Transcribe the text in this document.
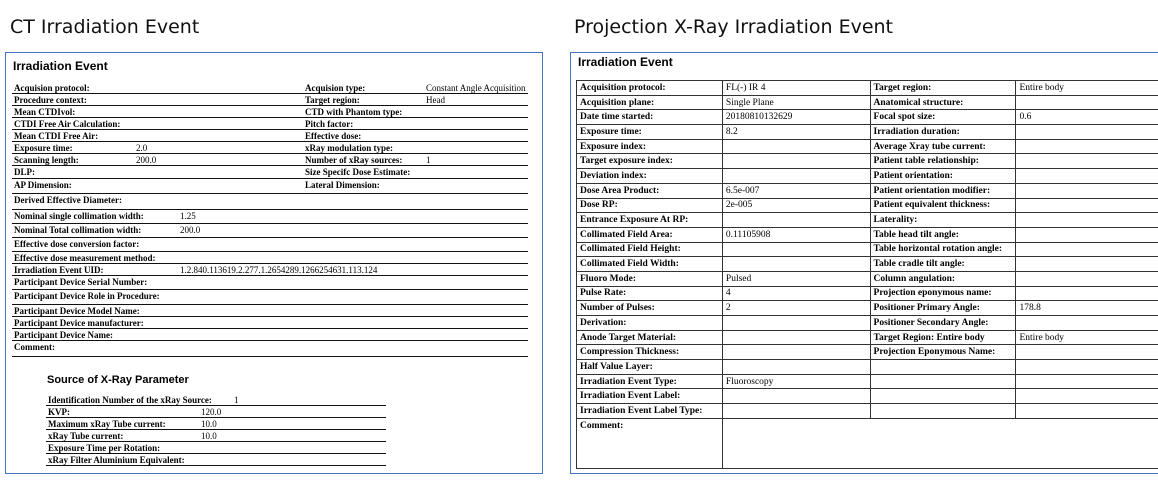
CT Irradiation Event	Projection X-Ray Irradiation Event
Irradiation Event
Acquision protocol:	Acquision type:	Constant Angle Acquisition
Procedure context:	Target region:	Head
Mean CTDIvol:	CTD with Phantom type:
CTDI Free Air Calculation:	Pitch factor:
Mean CTDI Free Air:	Effective dose:
Exposure time:	2.0	xRay modulation type:
Scanning length:	200.0	Number of xRay sources:	1
DLP:	Size Specifc Dose Estimate:
AP Dimension:	Lateral Dimension:
Derived Effective Diameter:
Nominal single collimation width:	1.25
Nominal Total collimation width:	200.0
Effective dose conversion factor:
Effective dose measurement method:
Irradiation Event UID:	1.2.840.113619.2.277.1.2654289.1266254631.113.124
Participant Device Serial Number:
Participant Device Role in Procedure:
Participant Device Model Name:
Participant Device manufacturer:
Participant Device Name:
Comment:
Source of X-Ray Parameter
Identification Number of the xRay Source: 1
KVP:	120.0
Maximum xRay Tube current:	10.0
xRay Tube current:	10.0
Exposure Time per Rotation:
xRay Filter Aluminium Equivalent:
Irradiation Event
Acquisition protocol:	FL(-) IR 4	Target region:	Entire body
Acquisition plane:	Single Plane	Anatomical structure:	
Date time started:	20180810132629	Focal spot size:	0.6
Exposure time:	8.2	Irradiation duration:	
Exposure index:		Average Xray tube current:	
Target exposure index:		Patient table relationship:	
Deviation index:		Patient orientation:	
Dose Area Product:	6.5e-007	Patient orientation modifier:	
Dose RP:	2e-005	Patient equivalent thickness:	
Entrance Exposure At RP:		Laterality:	
Collimated Field Area:	0.11105908	Table head tilt angle:	
Collimated Field Height:		Table horizontal rotation angle:	
Collimated Field Width:		Table cradle tilt angle:	
Fluoro Mode:	Pulsed	Column angulation:	
Pulse Rate:	4	Projection eponymous name:	
Number of Pulses:	2	Positioner Primary Angle:	178.8
Derivation:		Positioner Secondary Angle:	
Anode Target Material:		Target Region: Entire body	Entire body
Compression Thickness:		Projection Eponymous Name:	
Half Value Layer:			
Irradiation Event Type:	Fluoroscopy		
Irradiation Event Label:			
Irradiation Event Label Type:			
Comment:			
